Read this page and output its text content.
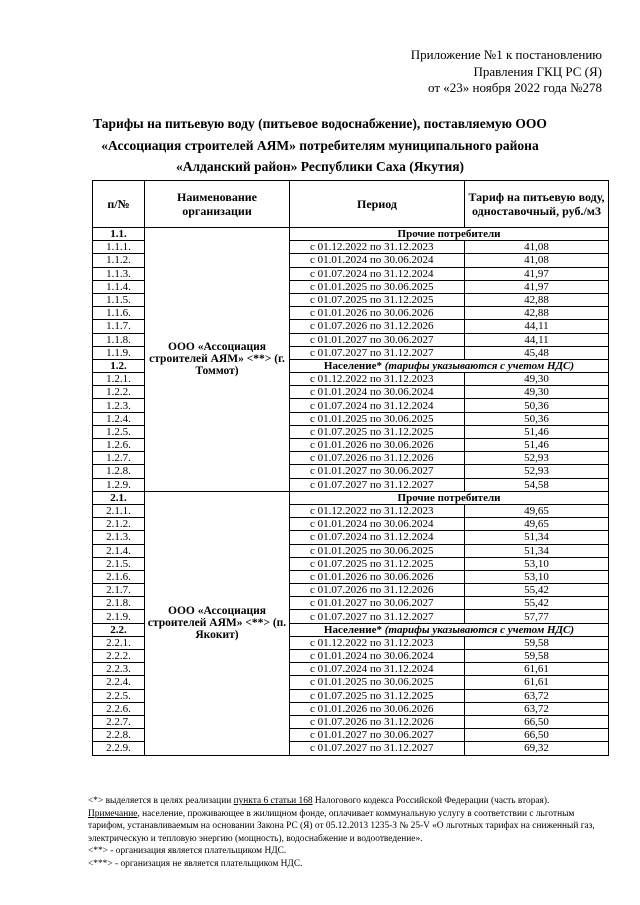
Приложение №1 к постановлению
Правления ГКЦ РС (Я)
от «23» ноября 2022 года №278
Тарифы на питьевую воду (питьевое водоснабжение), поставляемую ООО
«Ассоциация строителей АЯМ» потребителям муниципального района
«Алданский район» Республики Саха (Якутия)
п/№	Наименование организации	Период	Тариф на питьевую воду, одноставочный, руб./м3
1.1.	ООО «Ассоциация строителей АЯМ» <**> (г. Томмот)	Прочие потребители	
1.1.1.		с 01.12.2022 по 31.12.2023	41,08
1.1.2.		с 01.01.2024 по 30.06.2024	41,08
1.1.3.		с 01.07.2024 по 31.12.2024	41,97
1.1.4.		с 01.01.2025 по 30.06.2025	41,97
1.1.5.		с 01.07.2025 по 31.12.2025	42,88
1.1.6.		с 01.01.2026 по 30.06.2026	42,88
1.1.7.		с 01.07.2026 по 31.12.2026	44,11
1.1.8.		с 01.01.2027 по 30.06.2027	44,11
1.1.9.		с 01.07.2027 по 31.12.2027	45,48
1.2.		Население* (тарифы указываются с учетом НДС)	
1.2.1.		с 01.12.2022 по 31.12.2023	49,30
1.2.2.		с 01.01.2024 по 30.06.2024	49,30
1.2.3.		с 01.07.2024 по 31.12.2024	50,36
1.2.4.		с 01.01.2025 по 30.06.2025	50,36
1.2.5.		с 01.07.2025 по 31.12.2025	51,46
1.2.6.		с 01.01.2026 по 30.06.2026	51,46
1.2.7.		с 01.07.2026 по 31.12.2026	52,93
1.2.8.		с 01.01.2027 по 30.06.2027	52,93
1.2.9.		с 01.07.2027 по 31.12.2027	54,58
2.1.	ООО «Ассоциация строителей АЯМ» <**> (п. Якокит)	Прочие потребители	
2.1.1.		с 01.12.2022 по 31.12.2023	49,65
2.1.2.		с 01.01.2024 по 30.06.2024	49,65
2.1.3.		с 01.07.2024 по 31.12.2024	51,34
2.1.4.		с 01.01.2025 по 30.06.2025	51,34
2.1.5.		с 01.07.2025 по 31.12.2025	53,10
2.1.6.		с 01.01.2026 по 30.06.2026	53,10
2.1.7.		с 01.07.2026 по 31.12.2026	55,42
2.1.8.		с 01.01.2027 по 30.06.2027	55,42
2.1.9.		с 01.07.2027 по 31.12.2027	57,77
2.2.		Население* (тарифы указываются с учетом НДС)	
2.2.1.		с 01.12.2022 по 31.12.2023	59,58
2.2.2.		с 01.01.2024 по 30.06.2024	59,58
2.2.3.		с 01.07.2024 по 31.12.2024	61,61
2.2.4.		с 01.01.2025 по 30.06.2025	61,61
2.2.5.		с 01.07.2025 по 31.12.2025	63,72
2.2.6.		с 01.01.2026 по 30.06.2026	63,72
2.2.7.		с 01.07.2026 по 31.12.2026	66,50
2.2.8.		с 01.01.2027 по 30.06.2027	66,50
2.2.9.		с 01.07.2027 по 31.12.2027	69,32

<*> выделяется в целях реализации пункта 6 статьи 168 Налогового кодекса Российской Федерации (часть вторая).

Примечание, население, проживающее в жилищном фонде, оплачивает коммунальную услугу в соответствии с льготным тарифом, устанавливаемым на основании Закона РС (Я) от 05.12.2013 1235-З № 25-V «О льготных тарифах на сниженный газ, электрическую и тепловую энергию (мощность), водоснабжение и водоотведение».

<**> - организация является плательщиком НДС.

<***> - организация не является плательщиком НДС.
